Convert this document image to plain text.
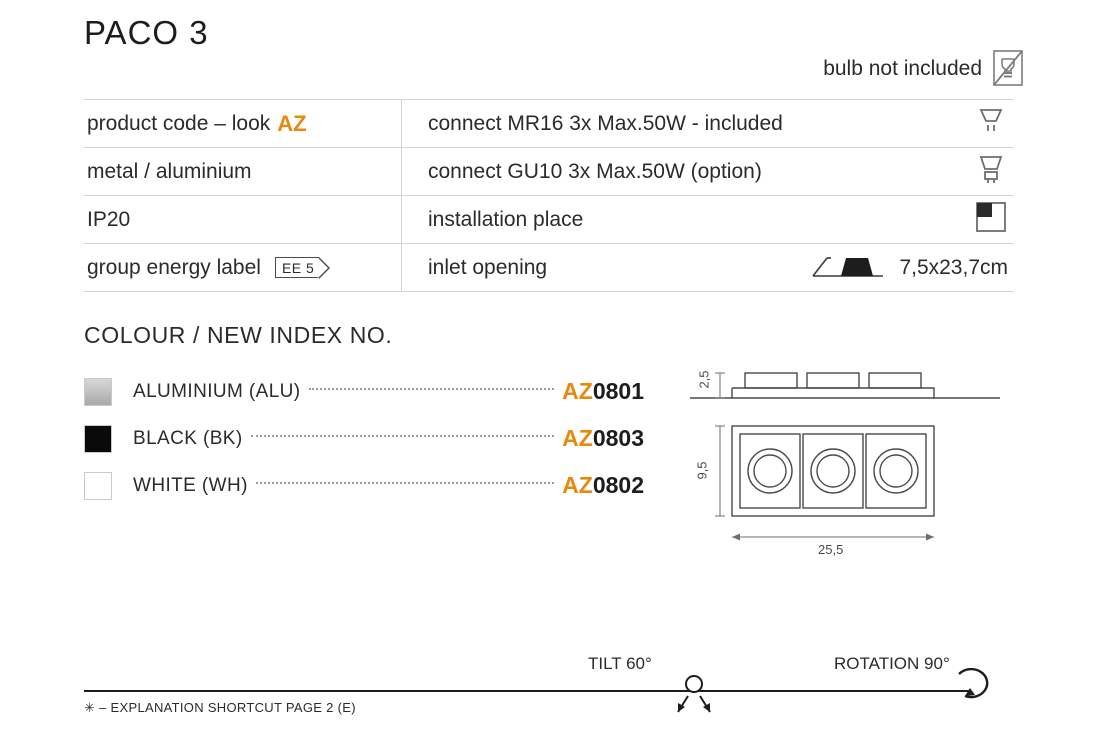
PACO 3
bulb not included
product code – look AZ	connect MR16 3x Max.50W - included
metal / aluminium	connect GU10 3x Max.50W (option)
IP20	installation place
group energy label	EE 5	inlet opening	7,5x23,7cm
COLOUR / NEW INDEX NO.
ALUMINIUM (ALU)	AZ0801
BLACK (BK)	AZ0803
WHITE (WH)	AZ0802
2,5
9,5
25,5
TILT 60°	ROTATION 90°
✳ – EXPLANATION SHORTCUT PAGE 2 (E)
